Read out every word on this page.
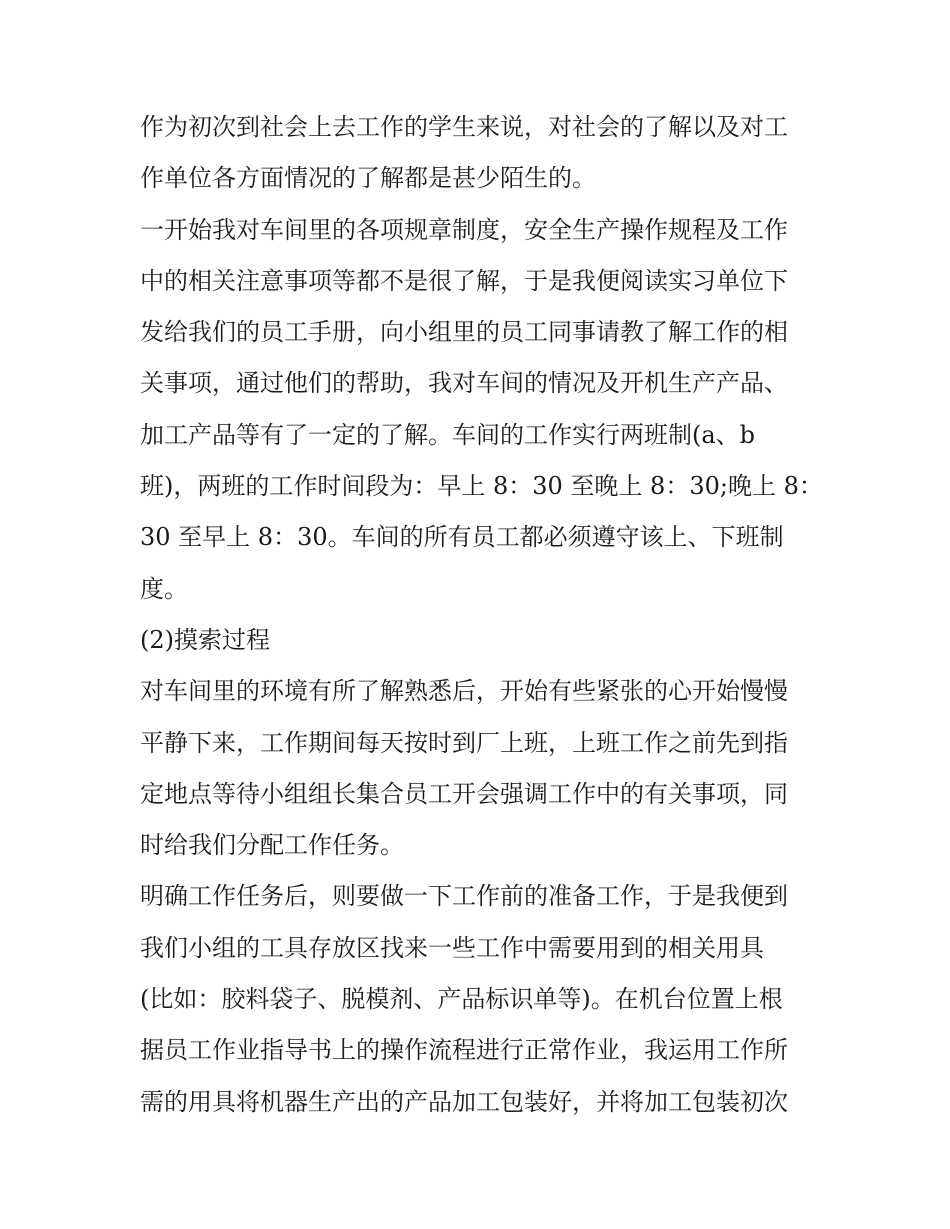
作为初次到社会上去工作的学生来说，对社会的了解以及对工
作单位各方面情况的了解都是甚少陌生的。
一开始我对车间里的各项规章制度，安全生产操作规程及工作
中的相关注意事项等都不是很了解，于是我便阅读实习单位下
发给我们的员工手册，向小组里的员工同事请教了解工作的相
关事项，通过他们的帮助，我对车间的情况及开机生产产品、
加工产品等有了一定的了解。车间的工作实行两班制(a、b
班)，两班的工作时间段为：早上 8：30 至晚上 8：30;晚上 8：
30 至早上 8：30。车间的所有员工都必须遵守该上、下班制
度。
(2)摸索过程
对车间里的环境有所了解熟悉后，开始有些紧张的心开始慢慢
平静下来，工作期间每天按时到厂上班，上班工作之前先到指
定地点等待小组组长集合员工开会强调工作中的有关事项，同
时给我们分配工作任务。
明确工作任务后，则要做一下工作前的准备工作，于是我便到
我们小组的工具存放区找来一些工作中需要用到的相关用具
(比如：胶料袋子、脱模剂、产品标识单等)。在机台位置上根
据员工作业指导书上的操作流程进行正常作业，我运用工作所
需的用具将机器生产出的产品加工包装好，并将加工包装初次
